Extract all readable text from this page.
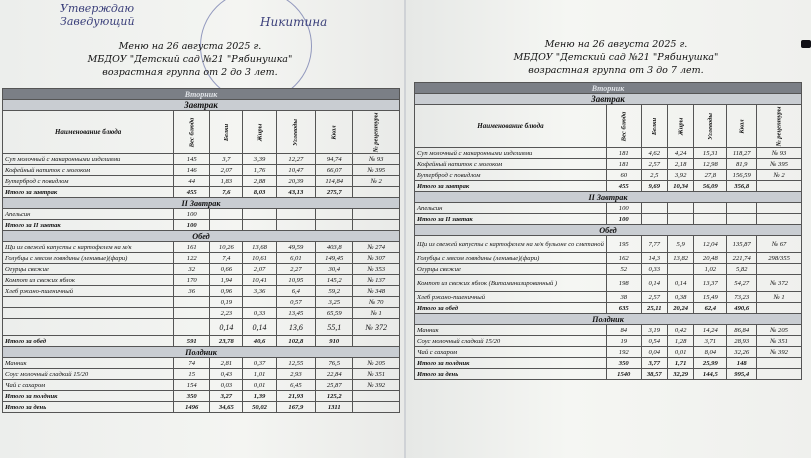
Утверждаю
Заведующий	Никитина
Меню на 26 августа 2025 г.
МБДОУ "Детский сад №21 "Рябинушка"
возрастная группа от 2 до 3 лет.
Вторник						
Завтрак						
Наименование блюда	Вес блюда	Белки	Жиры	Углеводы	Ккал	№ рецептуры
Суп молочный с макаронными изделиями	145	3,7	3,39	12,27	94,74	№ 93
Кофейный напиток с молоком	146	2,07	1,76	10,47	66,07	№ 395
Бутерброд с повидлом	44	1,83	2,88	20,39	114,84	№ 2
Итого за завтрак	455	7,6	8,03	43,13	275,7	
II Завтрак						
Апельсин	100					
Итого за II завтак	100					
Обед						
Щи из свежей капусты с картофелем на м/к	161	10,26	13,68	49,59	403,8	№ 274
Голубцы с мясом говядины (ленивые)(фари)	122	7,4	10,61	6,01	149,45	№ 307
Огурцы свежие	32	0,66	2,07	2,27	30,4	№ 353
Компот из свежих яблок	170	1,94	10,41	10,95	145,2	№ 137
Хлеб ржано-пшеничный	36	0,96	3,36	6,4	59,2	№ 348
		0,19		0,57	3,25	№ 70
		2,23	0,33	13,45	65,59	№ 1
		0,14	0,14	13,6	55,1	№ 372
Итого за обед	591	23,78	40,6	102,8	910	
Полдник						
Манник	74	2,81	0,37	12,55	76,5	№ 205
Соус молочный сладкий 15/20	15	0,43	1,01	2,93	22,84	№ 351
Чай с сахаром	154	0,03	0,01	6,45	25,87	№ 392
Итого за полдник	350	3,27	1,39	21,93	125,2	
Итого за день	1496	34,65	50,02	167,9	1311	
Меню на 26 августа 2025 г.
МБДОУ "Детский сад №21 "Рябинушка"
возрастная группа от 3 до 7 лет.
Вторник						
Завтрак						
Наименование блюда	Вес блюда	Белки	Жиры	Углеводы	Ккал	№ рецептуры
Суп молочный с макаронными изделиями	181	4,62	4,24	15,31	118,27	№ 93
Кофейный напиток с молоком	181	2,57	2,18	12,98	81,9	№ 395
Бутерброд с повидлом	60	2,5	3,92	27,8	156,59	№ 2
Итого за завтрак	455	9,69	10,34	56,09	356,8	
II Завтрак						
Апельсин	100					
Итого за II завтак	100					
Обед						
Щи из свежей капусты с картофелем на м/к бульоне со сметаной	195	7,77	5,9	12,04	135,87	№ 67
Голубцы с мясом говядины (ленивые)(фари)	162	14,3	13,82	20,48	221,74	298/355
Огурцы свежие	52	0,33		1,02	5,82	
Компот из свежих яблок (Витаминизированный )	198	0,14	0,14	13,37	54,27	№ 372
Хлеб ржано-пшеничный	38	2,57	0,38	15,49	73,23	№ 1
Итого за обед	635	25,11	20,24	62,4	490,6	
Полдник						
Манник	84	3,19	0,42	14,24	86,84	№ 205
Соус молочный сладкий 15/20	19	0,54	1,28	3,71	28,93	№ 351
Чай с сахаром	192	0,04	0,01	8,04	32,26	№ 392
Итого за полдник	350	3,77	1,71	25,99	148	
Итого за день	1540	38,57	32,29	144,5	995,4	
